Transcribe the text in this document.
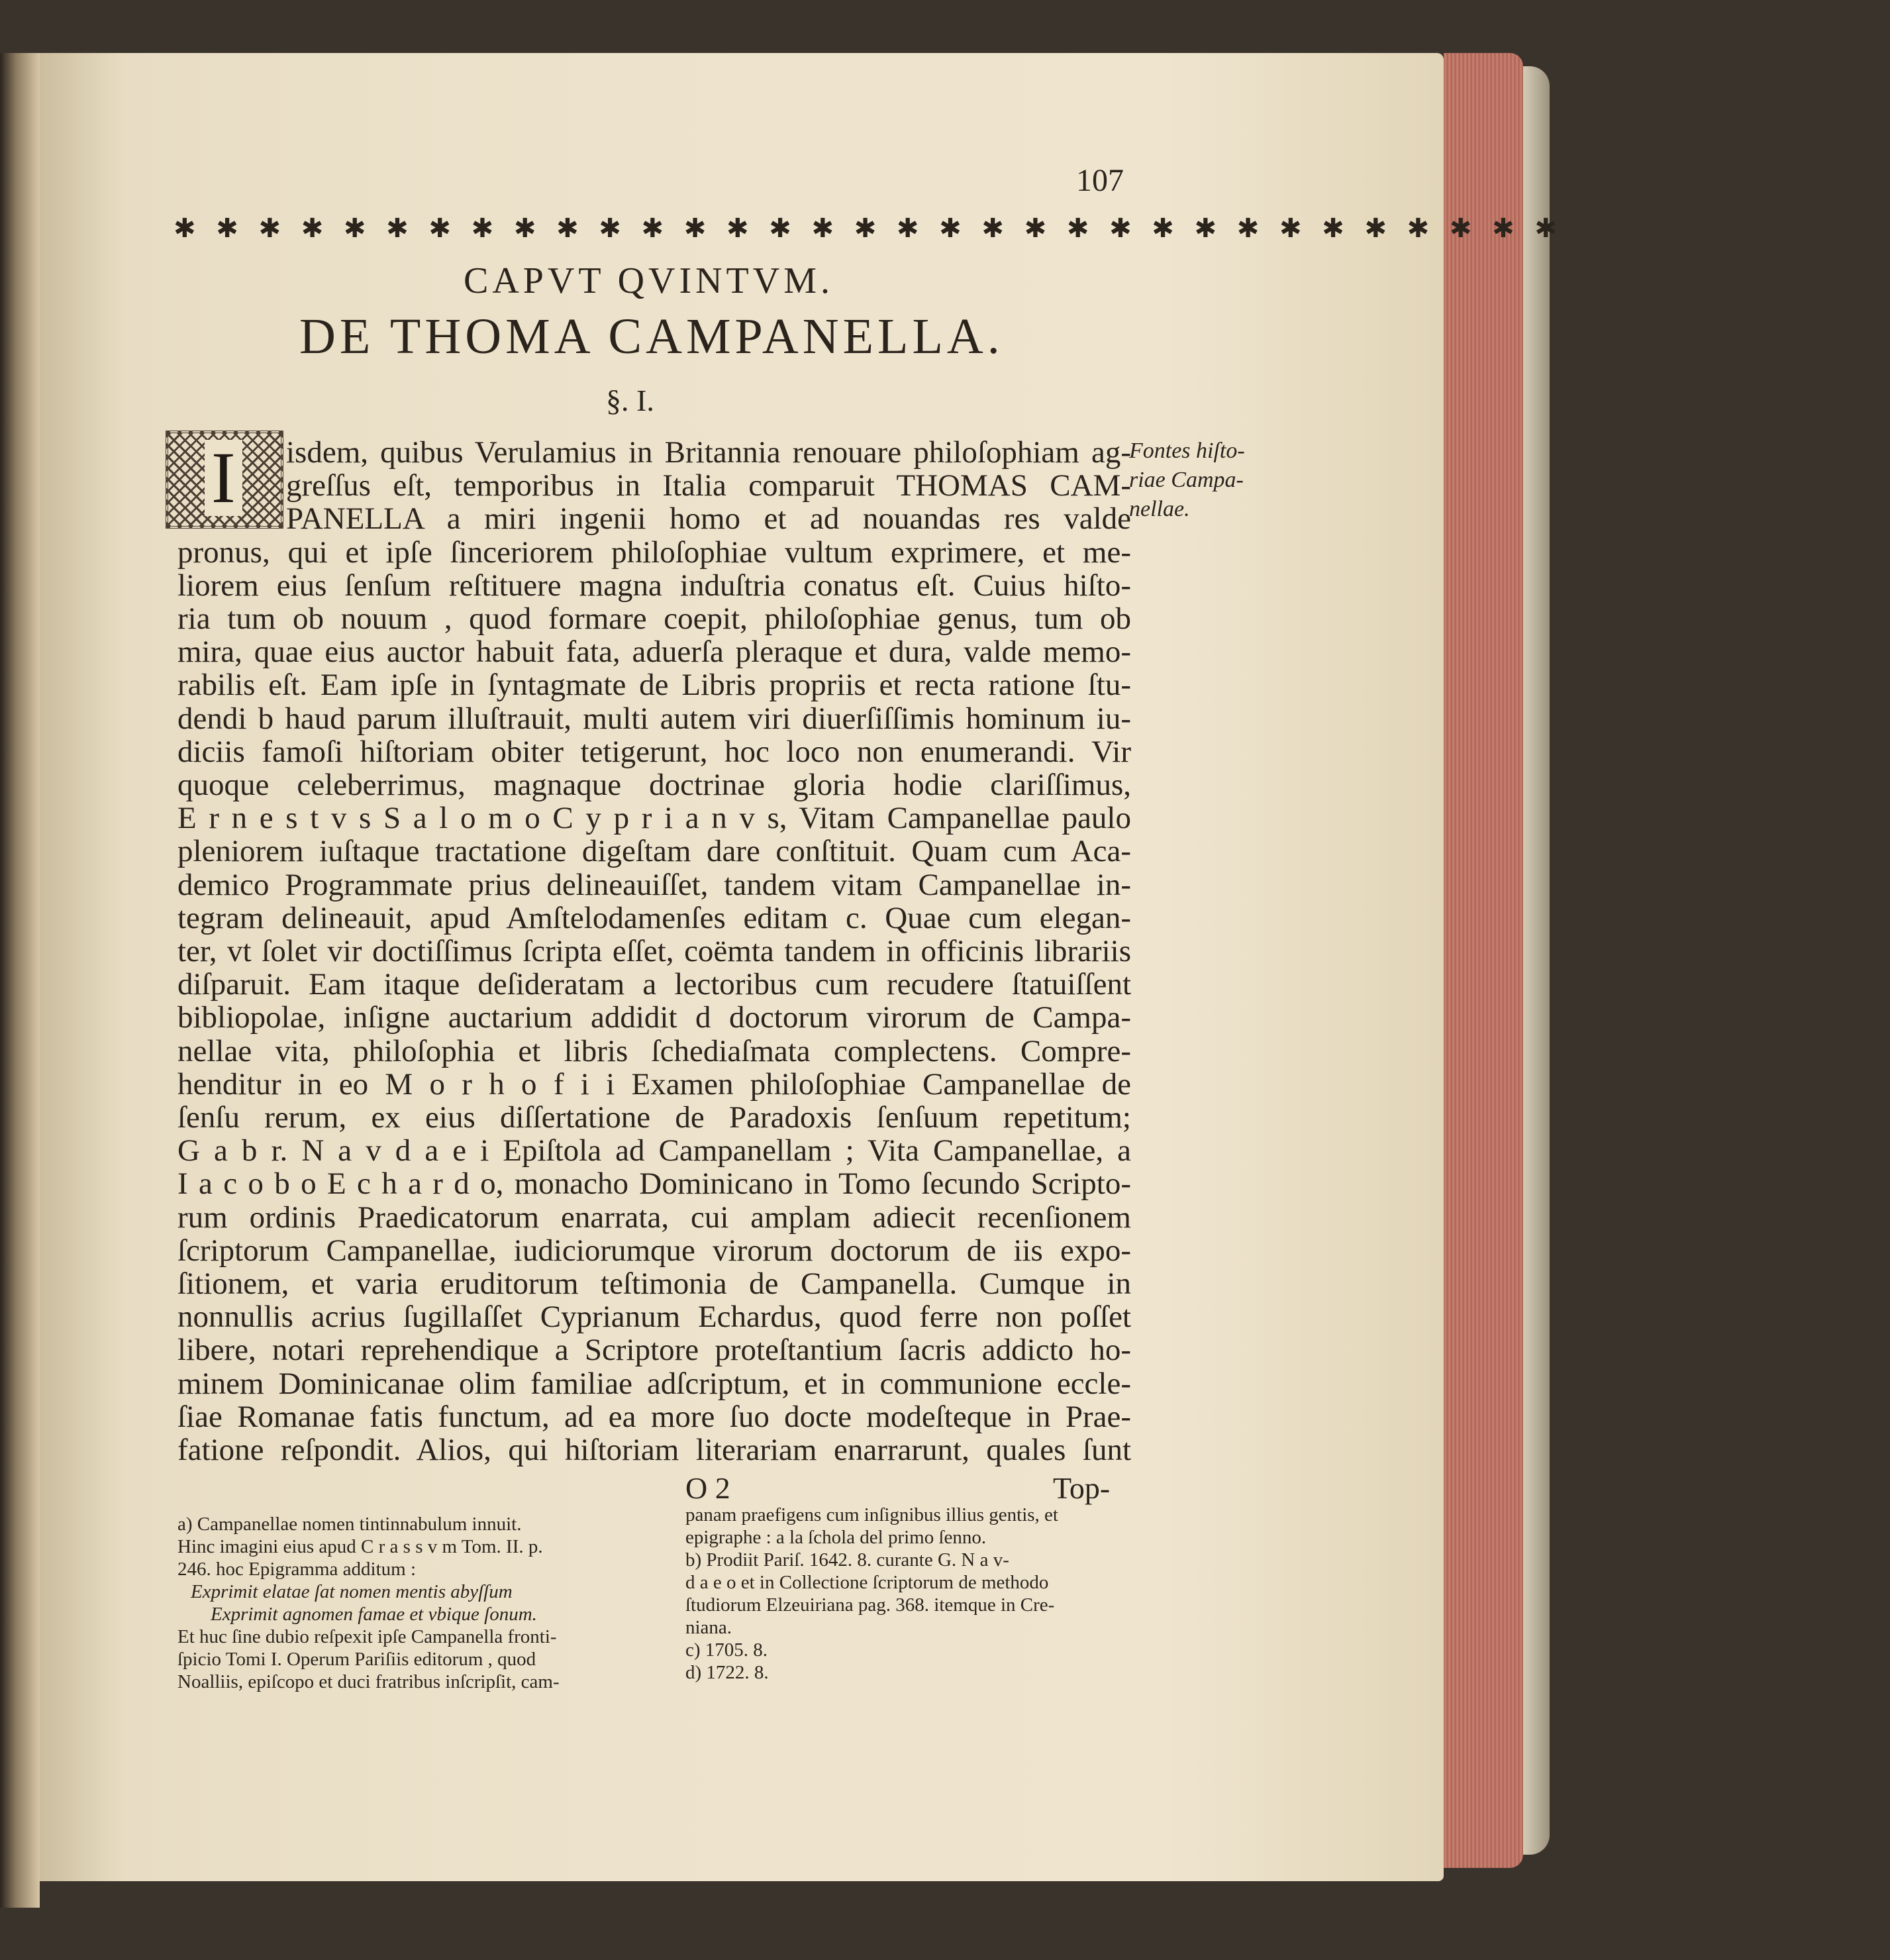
107
✱ ✱ ✱ ✱ ✱ ✱ ✱ ✱ ✱ ✱ ✱ ✱ ✱ ✱ ✱ ✱ ✱ ✱ ✱ ✱ ✱ ✱ ✱ ✱ ✱ ✱ ✱ ✱ ✱ ✱ ✱ ✱ ✱
CAPVT QVINTVM.
DE THOMA CAMPANELLA.
§. I.
I isdem, quibus Verulamius in Britannia renouare philoſophiam ag-
greſſus eſt, temporibus in Italia comparuit THOMAS CAM-
PANELLA a miri ingenii homo et ad nouandas res valde
pronus, qui et ipſe ſinceriorem philoſophiae vultum exprimere, et me-
liorem eius ſenſum reſtituere magna induſtria conatus eſt. Cuius hiſto-
ria tum ob nouum , quod formare coepit, philoſophiae genus, tum ob
mira, quae eius auctor habuit fata, aduerſa pleraque et dura, valde memo-
rabilis eſt. Eam ipſe in ſyntagmate de Libris propriis et recta ratione ſtu-
dendi b haud parum illuſtrauit, multi autem viri diuerſiſſimis hominum iu-
diciis famoſi hiſtoriam obiter tetigerunt, hoc loco non enumerandi. Vir
quoque celeberrimus, magnaque doctrinae gloria hodie clariſſimus,
E r n e s t v s S a l o m o C y p r i a n v s, Vitam Campanellae paulo
pleniorem iuſtaque tractatione digeſtam dare conſtituit. Quam cum Aca-
demico Programmate prius delineauiſſet, tandem vitam Campanellae in-
tegram delineauit, apud Amſtelodamenſes editam c. Quae cum elegan-
ter, vt ſolet vir doctiſſimus ſcripta eſſet, coëmta tandem in officinis librariis
diſparuit. Eam itaque deſideratam a lectoribus cum recudere ſtatuiſſent
bibliopolae, inſigne auctarium addidit d doctorum virorum de Campa-
nellae vita, philoſophia et libris ſchediaſmata complectens. Compre-
henditur in eo M o r h o f i i Examen philoſophiae Campanellae de
ſenſu rerum, ex eius diſſertatione de Paradoxis ſenſuum repetitum;
G a b r. N a v d a e i Epiſtola ad Campanellam ; Vita Campanellae, a
I a c o b o E c h a r d o, monacho Dominicano in Tomo ſecundo Scripto-
rum ordinis Praedicatorum enarrata, cui amplam adiecit recenſionem
ſcriptorum Campanellae, iudiciorumque virorum doctorum de iis expo-
ſitionem, et varia eruditorum teſtimonia de Campanella. Cumque in
nonnullis acrius ſugillaſſet Cyprianum Echardus, quod ferre non poſſet
libere, notari reprehendique a Scriptore proteſtantium ſacris addicto ho-
minem Dominicanae olim familiae adſcriptum, et in communione eccle-
ſiae Romanae fatis functum, ad ea more ſuo docte modeſteque in Prae-
fatione reſpondit. Alios, qui hiſtoriam literariam enarrarunt, quales ſunt
Fontes hiſto-
riae Campa-
nellae.
O 2	Top-
a) Campanellae nomen tintinnabulum innuit.
Hinc imagini eius apud C r a s s v m Tom. II. p.
246. hoc Epigramma additum :
Exprimit elatae ſat nomen mentis abyſſum
Exprimit agnomen famae et vbique ſonum.
Et huc ſine dubio reſpexit ipſe Campanella fronti-
ſpicio Tomi I. Operum Pariſiis editorum , quod
Noalliis, epiſcopo et duci fratribus inſcripſit, cam-
panam praefigens cum inſignibus illius gentis, et
epigraphe : a la ſchola del primo ſenno.
b) Prodiit Pariſ. 1642. 8. curante G. N a v-
d a e o et in Collectione ſcriptorum de methodo
ſtudiorum Elzeuiriana pag. 368. itemque in Cre-
niana.
c) 1705. 8.
d) 1722. 8.
